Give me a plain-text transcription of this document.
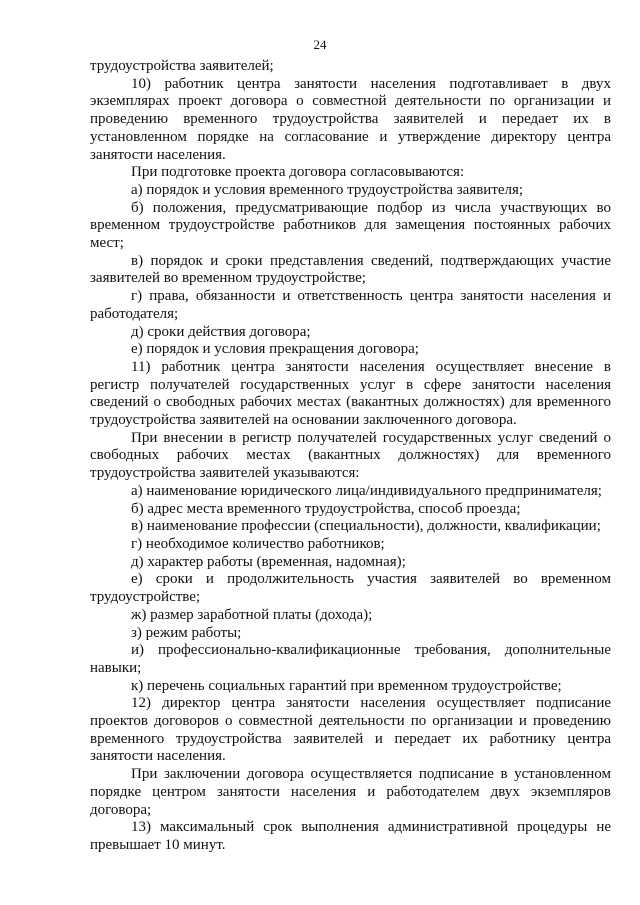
24

трудоустройства заявителей;

10) работник центра занятости населения подготавливает в двух экземплярах проект договора о совместной деятельности по организации и проведению временного трудоустройства заявителей и передает их в установленном порядке на согласование и утверждение директору центра занятости населения.

При подготовке проекта договора согласовываются:

а) порядок и условия временного трудоустройства заявителя;

б) положения, предусматривающие подбор из числа участвующих во временном трудоустройстве работников для замещения постоянных рабочих мест;

в) порядок и сроки представления сведений, подтверждающих участие заявителей во временном трудоустройстве;

г) права, обязанности и ответственность центра занятости населения и работодателя;

д) сроки действия договора;

е) порядок и условия прекращения договора;

11) работник центра занятости населения осуществляет внесение в регистр получателей государственных услуг в сфере занятости населения сведений о свободных рабочих местах (вакантных должностях) для временного трудоустройства заявителей на основании заключенного договора.

При внесении в регистр получателей государственных услуг сведений о свободных рабочих местах (вакантных должностях) для временного трудоустройства заявителей указываются:

а) наименование юридического лица/индивидуального предпринимателя;

б) адрес места временного трудоустройства, способ проезда;

в) наименование профессии (специальности), должности, квалификации;

г) необходимое количество работников;

д) характер работы (временная, надомная);

е) сроки и продолжительность участия заявителей во временном трудоустройстве;

ж) размер заработной платы (дохода);

з) режим работы;

и) профессионально-квалификационные требования, дополнительные навыки;

к) перечень социальных гарантий при временном трудоустройстве;

12) директор центра занятости населения осуществляет подписание проектов договоров о совместной деятельности по организации и проведению временного трудоустройства заявителей и передает их работнику центра занятости населения.

При заключении договора осуществляется подписание в установленном порядке центром занятости населения и работодателем двух экземпляров договора;

13) максимальный срок выполнения административной процедуры не превышает 10 минут.
